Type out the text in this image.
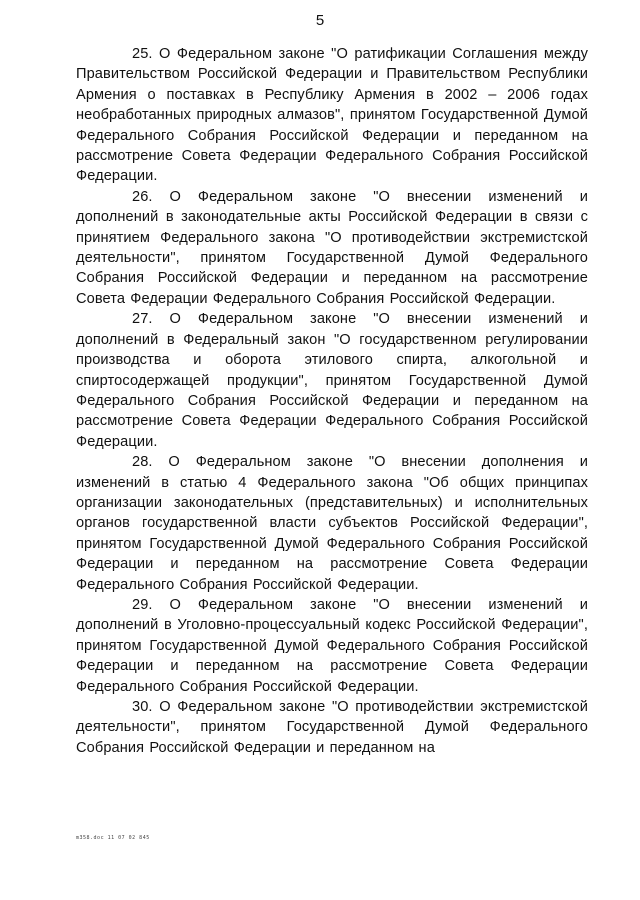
5

25. О Федеральном законе "О ратификации Соглашения между Правительством Российской Федерации и Правительством Республики Армения о поставках в Республику Армения в 2002 – 2006 годах необработанных природных алмазов", принятом Государственной Думой Федерального Собрания Российской Федерации и переданном на рассмотрение Совета Федерации Федерального Собрания Российской Федерации.

26. О Федеральном законе "О внесении изменений и дополнений в законодательные акты Российской Федерации в связи с принятием Федерального закона "О противодействии экстремистской деятельности", принятом Государственной Думой Федерального Собрания Российской Федерации и переданном на рассмотрение Совета Федерации Федерального Собрания Российской Федерации.

27. О Федеральном законе "О внесении изменений и дополнений в Федеральный закон "О государственном регулировании производства и оборота этилового спирта, алкогольной и спиртосодержащей продукции", принятом Государственной Думой Федерального Собрания Российской Федерации и переданном на рассмотрение Совета Федерации Федерального Собрания Российской Федерации.

28. О Федеральном законе "О внесении дополнения и изменений в статью 4 Федерального закона "Об общих принципах организации законодательных (представительных) и исполнительных органов государственной власти субъектов Российской Федерации", принятом Государственной Думой Федерального Собрания Российской Федерации и переданном на рассмотрение Совета Федерации Федерального Собрания Российской Федерации.

29. О Федеральном законе "О внесении изменений и дополнений в Уголовно-процессуальный кодекс Российской Федерации", принятом Государственной Думой Федерального Собрания Российской Федерации и переданном на рассмотрение Совета Федерации Федерального Собрания Российской Федерации.

30. О Федеральном законе "О противодействии экстремистской деятельности", принятом Государственной Думой Федерального Собрания Российской Федерации и переданном на

m358.doc 11 07 02 845
